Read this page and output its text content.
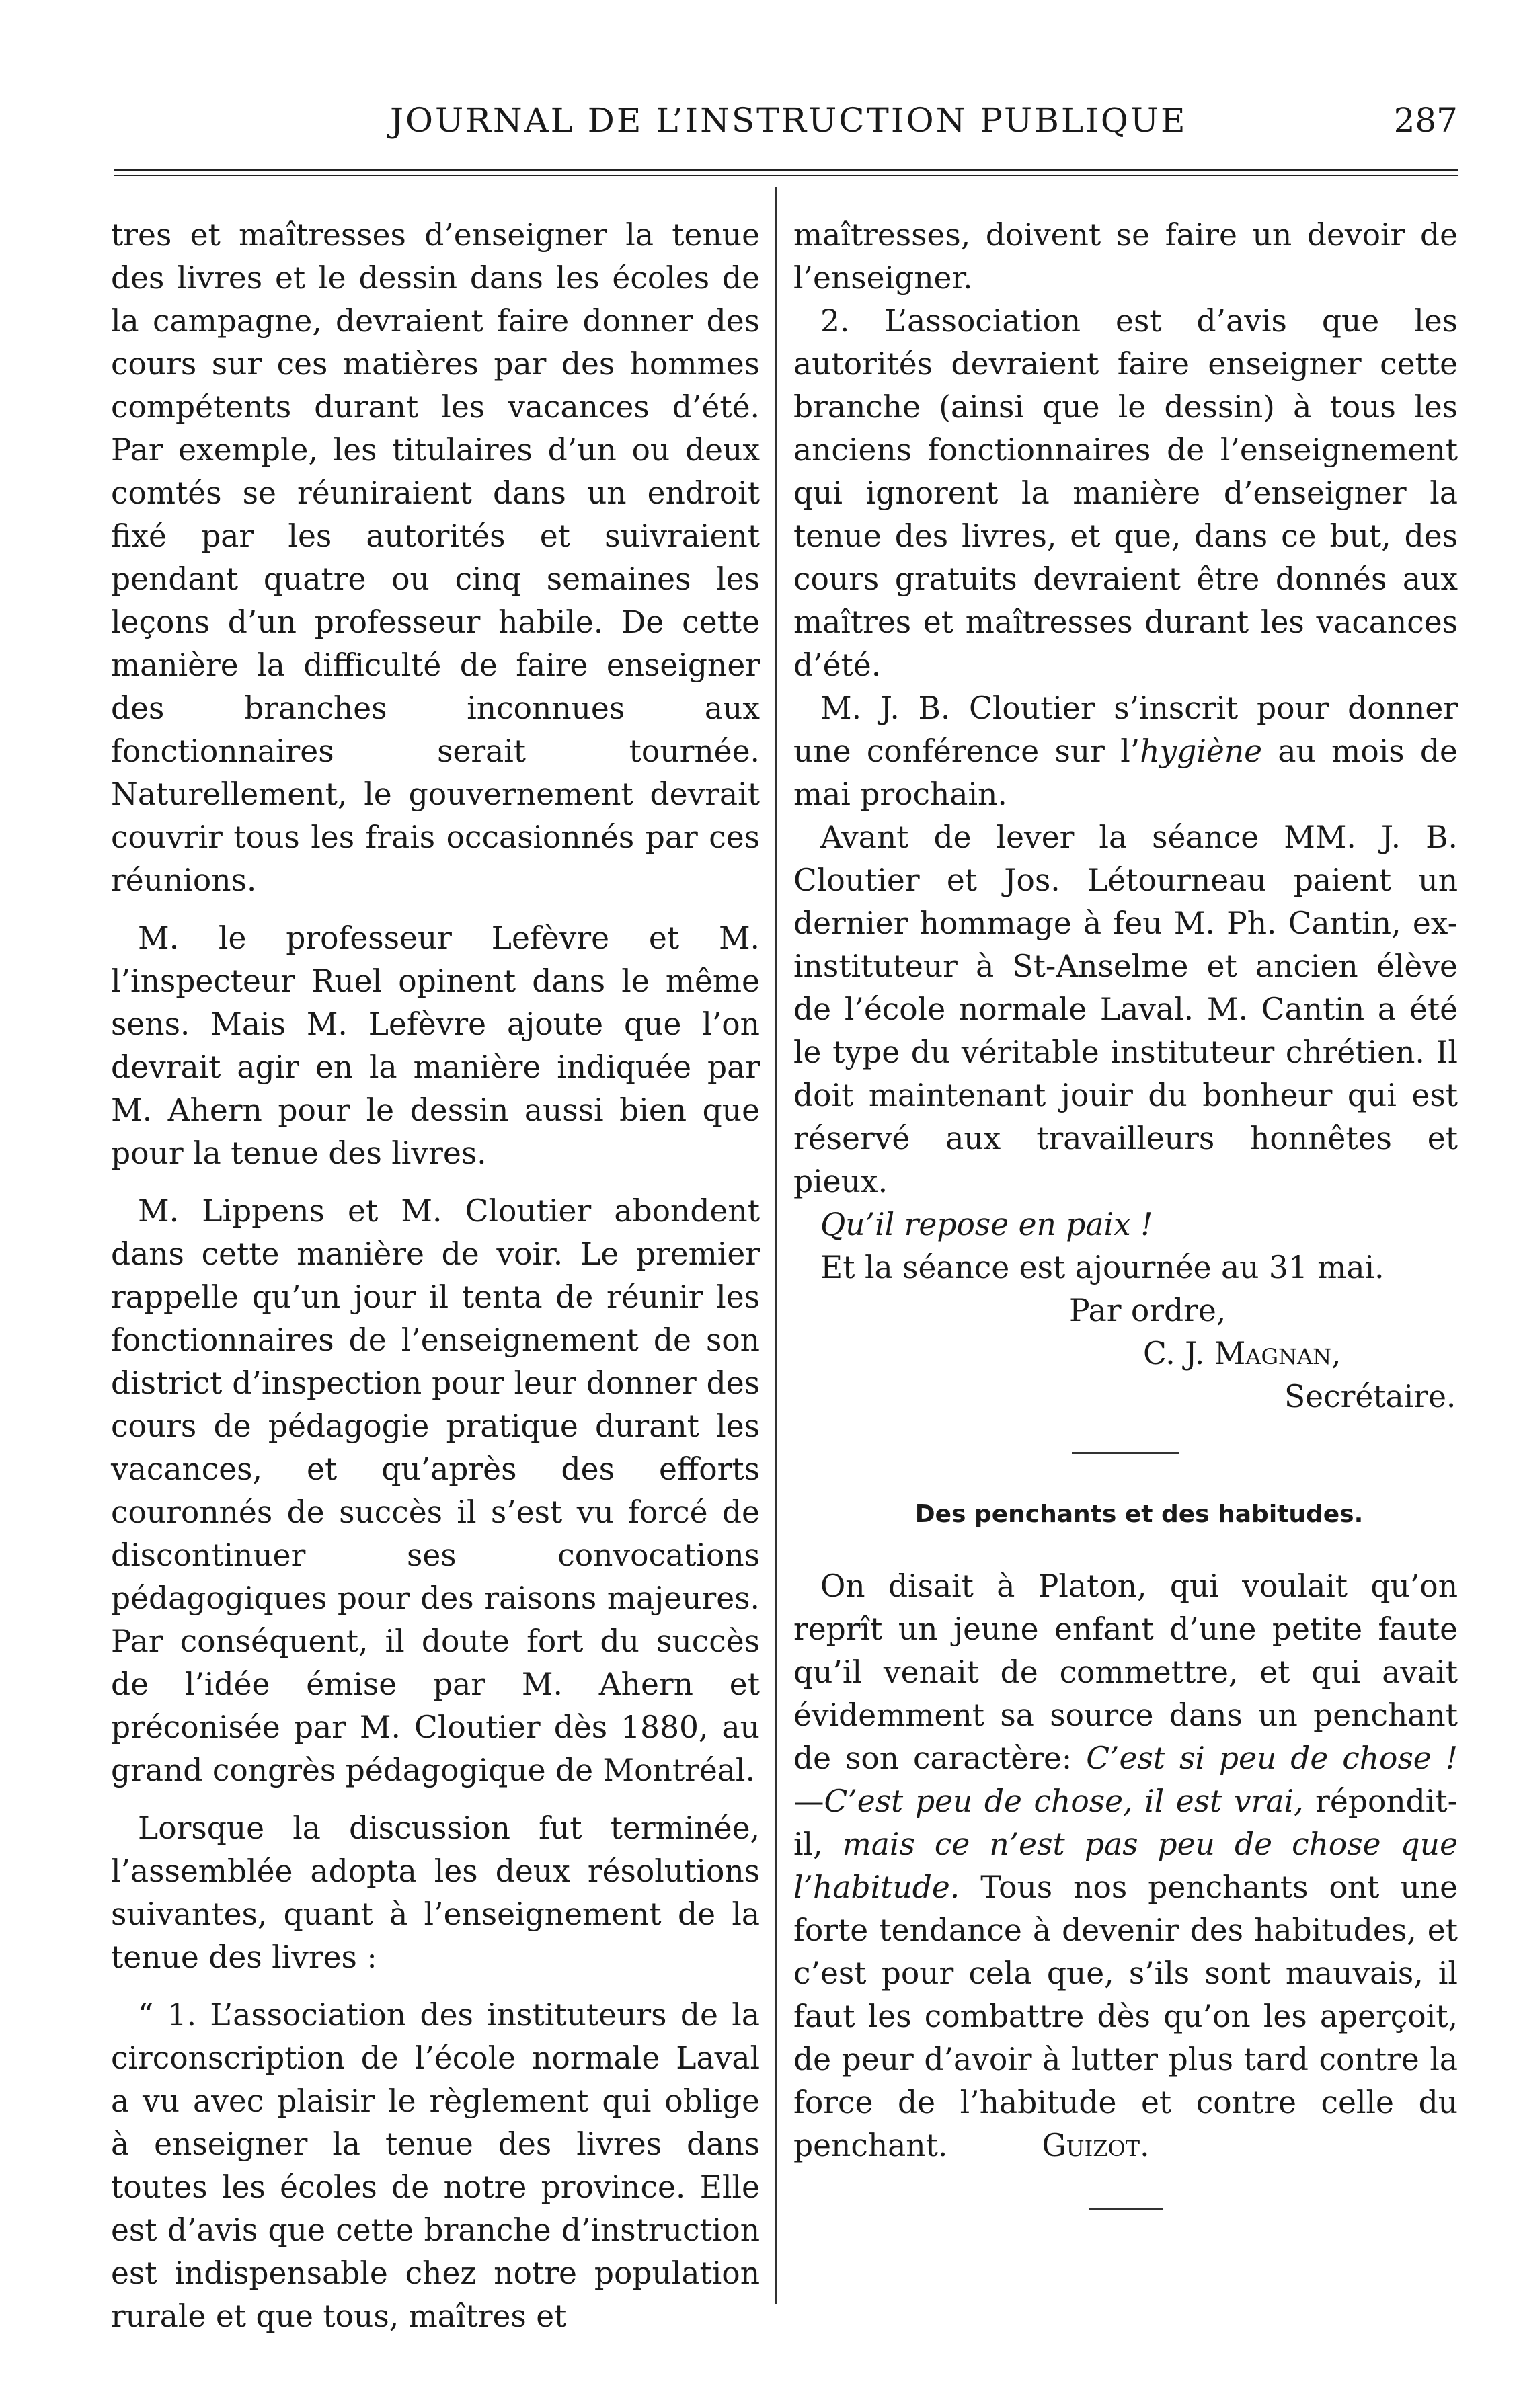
JOURNAL DE L’INSTRUCTION PUBLIQUE	287

tres et maîtresses d’enseigner la tenue des livres et le dessin dans les écoles de la campagne, devraient faire donner des cours sur ces matières par des hommes compétents durant les vacances d’été. Par exemple, les titulaires d’un ou deux comtés se réuniraient dans un endroit fixé par les autorités et suivraient pendant quatre ou cinq semaines les leçons d’un professeur habile. De cette manière la difficulté de faire enseigner des branches inconnues aux fonctionnaires serait tournée. Naturellement, le gouvernement devrait couvrir tous les frais occasionnés par ces réunions.

M. le professeur Lefèvre et M. l’inspecteur Ruel opinent dans le même sens. Mais M. Lefèvre ajoute que l’on devrait agir en la manière indiquée par M. Ahern pour le dessin aussi bien que pour la tenue des livres.

M. Lippens et M. Cloutier abondent dans cette manière de voir. Le premier rappelle qu’un jour il tenta de réunir les fonctionnaires de l’enseignement de son district d’inspection pour leur donner des cours de pédagogie pratique durant les vacances, et qu’après des efforts couronnés de succès il s’est vu forcé de discontinuer ses convocations pédagogiques pour des raisons majeures. Par conséquent, il doute fort du succès de l’idée émise par M. Ahern et préconisée par M. Cloutier dès 1880, au grand congrès pédagogique de Montréal.

Lorsque la discussion fut terminée, l’assemblée adopta les deux résolutions suivantes, quant à l’enseignement de la tenue des livres :

“ 1. L’association des instituteurs de la circonscription de l’école normale Laval a vu avec plaisir le règlement qui oblige à enseigner la tenue des livres dans toutes les écoles de notre province. Elle est d’avis que cette branche d’instruction est indispensable chez notre population rurale et que tous, maîtres et

maîtresses, doivent se faire un devoir de l’enseigner.

2. L’association est d’avis que les autorités devraient faire enseigner cette branche (ainsi que le dessin) à tous les anciens fonctionnaires de l’enseignement qui ignorent la manière d’enseigner la tenue des livres, et que, dans ce but, des cours gratuits devraient être donnés aux maîtres et maîtresses durant les vacances d’été.

M. J. B. Cloutier s’inscrit pour donner une conférence sur l’hygiène au mois de mai prochain.

Avant de lever la séance MM. J. B. Cloutier et Jos. Létourneau paient un dernier hommage à feu M. Ph. Cantin, ex-instituteur à St-Anselme et ancien élève de l’école normale Laval. M. Cantin a été le type du véritable instituteur chrétien. Il doit maintenant jouir du bonheur qui est réservé aux travailleurs honnêtes et pieux.

Qu’il repose en paix !

Et la séance est ajournée au 31 mai.

Par ordre,

C. J. Magnan,

Secrétaire.

Des penchants et des habitudes.

On disait à Platon, qui voulait qu’on reprît un jeune enfant d’une petite faute qu’il venait de commettre, et qui avait évidemment sa source dans un penchant de son caractère: C’est si peu de chose ! —C’est peu de chose, il est vrai, répondit-il, mais ce n’est pas peu de chose que l’habitude. Tous nos penchants ont une forte tendance à devenir des habitudes, et c’est pour cela que, s’ils sont mauvais, il faut les combattre dès qu’on les aperçoit, de peur d’avoir à lutter plus tard contre la force de l’habitude et contre celle du penchant.	Guizot.
